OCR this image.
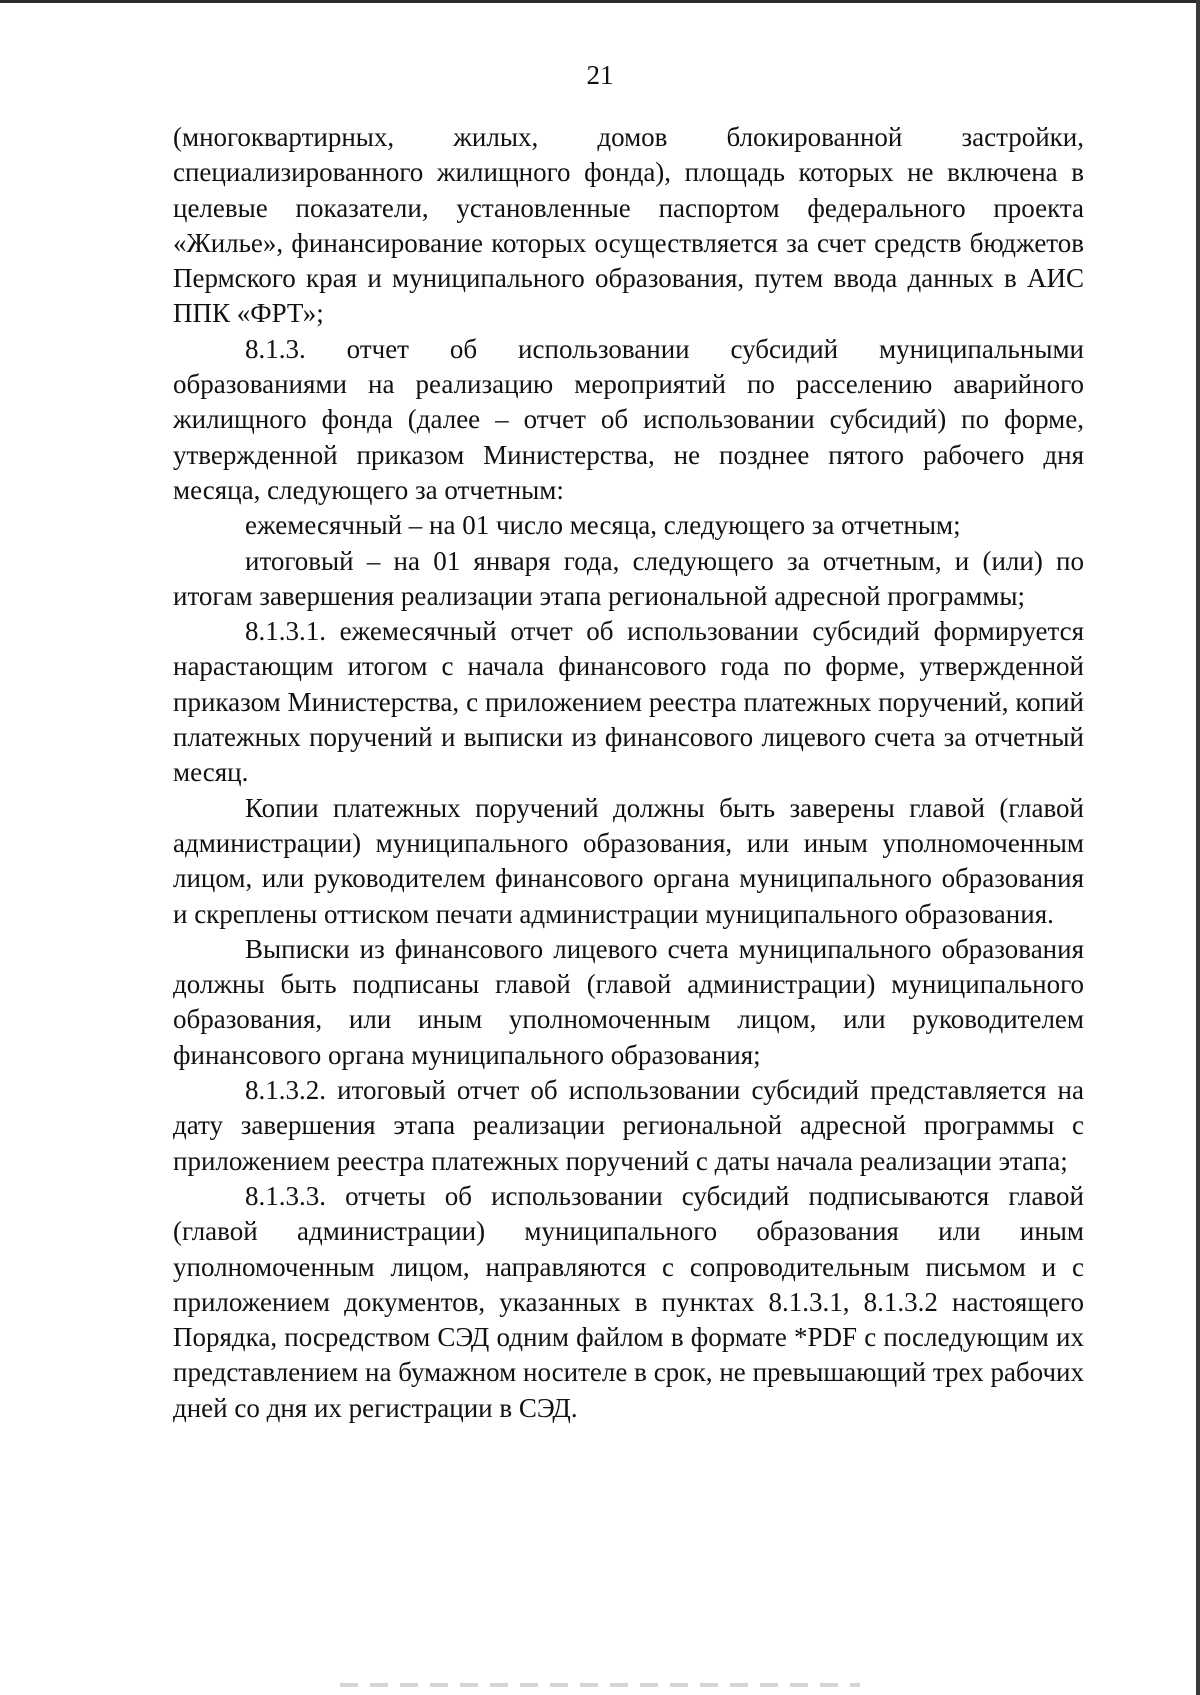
21

(многоквартирных, жилых, домов блокированной застройки, специализированного жилищного фонда), площадь которых не включена в целевые показатели, установленные паспортом федерального проекта «Жилье», финансирование которых осуществляется за счет средств бюджетов Пермского края и муниципального образования, путем ввода данных в АИС ППК «ФРТ»;

8.1.3. отчет об использовании субсидий муниципальными образованиями на реализацию мероприятий по расселению аварийного жилищного фонда (далее – отчет об использовании субсидий) по форме, утвержденной приказом Министерства, не позднее пятого рабочего дня месяца, следующего за отчетным:

ежемесячный – на 01 число месяца, следующего за отчетным;

итоговый – на 01 января года, следующего за отчетным, и (или) по итогам завершения реализации этапа региональной адресной программы;

8.1.3.1. ежемесячный отчет об использовании субсидий формируется нарастающим итогом с начала финансового года по форме, утвержденной приказом Министерства, с приложением реестра платежных поручений, копий платежных поручений и выписки из финансового лицевого счета за отчетный месяц.

Копии платежных поручений должны быть заверены главой (главой администрации) муниципального образования, или иным уполномоченным лицом, или руководителем финансового органа муниципального образования и скреплены оттиском печати администрации муниципального образования.

Выписки из финансового лицевого счета муниципального образования должны быть подписаны главой (главой администрации) муниципального образования, или иным уполномоченным лицом, или руководителем финансового органа муниципального образования;

8.1.3.2. итоговый отчет об использовании субсидий представляется на дату завершения этапа реализации региональной адресной программы с приложением реестра платежных поручений с даты начала реализации этапа;

8.1.3.3. отчеты об использовании субсидий подписываются главой (главой администрации) муниципального образования или иным уполномоченным лицом, направляются с сопроводительным письмом и с приложением документов, указанных в пунктах 8.1.3.1, 8.1.3.2 настоящего Порядка, посредством СЭД одним файлом в формате *PDF с последующим их представлением на бумажном носителе в срок, не превышающий трех рабочих дней со дня их регистрации в СЭД.
